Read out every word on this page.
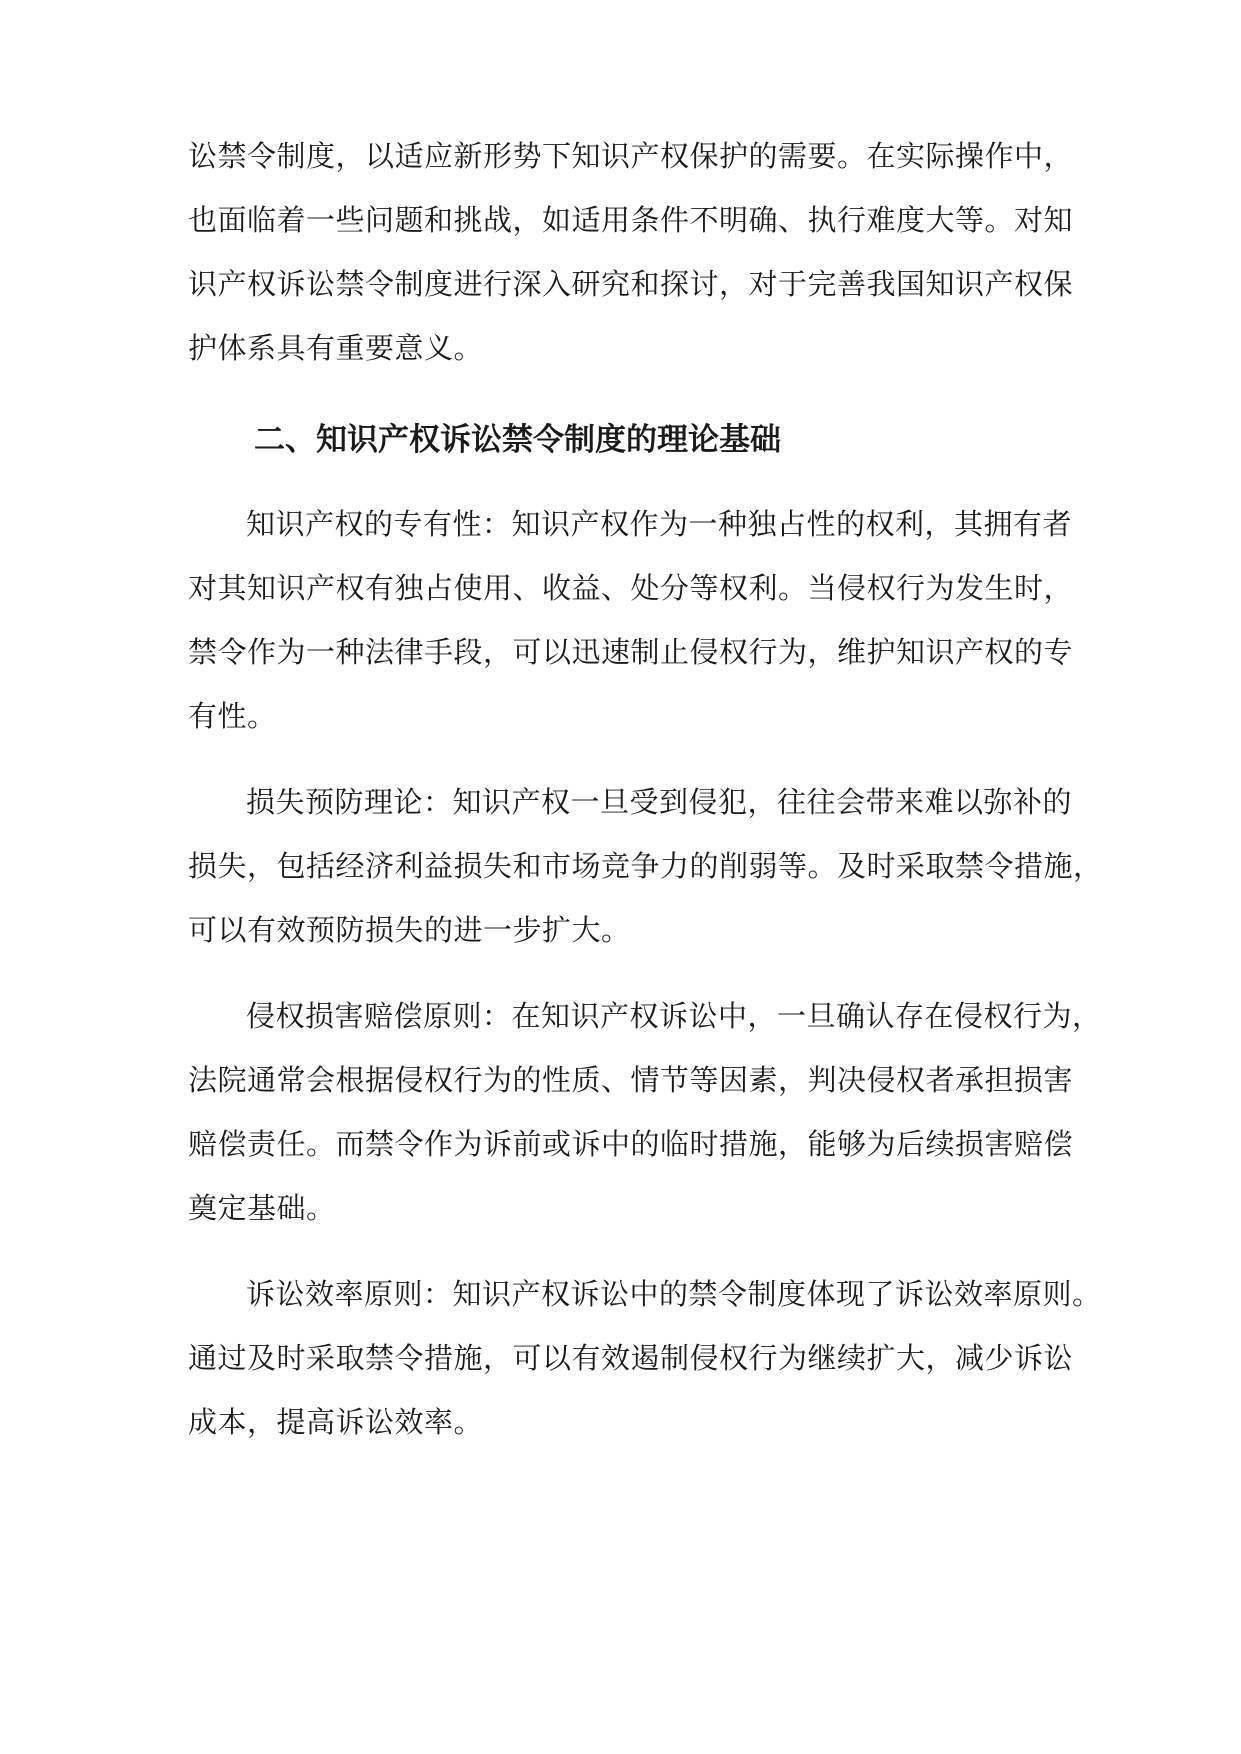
讼禁令制度，以适应新形势下知识产权保护的需要。在实际操作中，
也面临着一些问题和挑战，如适用条件不明确、执行难度大等。对知
识产权诉讼禁令制度进行深入研究和探讨，对于完善我国知识产权保
护体系具有重要意义。
二、知识产权诉讼禁令制度的理论基础
知识产权的专有性：知识产权作为一种独占性的权利，其拥有者
对其知识产权有独占使用、收益、处分等权利。当侵权行为发生时，
禁令作为一种法律手段，可以迅速制止侵权行为，维护知识产权的专
有性。
损失预防理论：知识产权一旦受到侵犯，往往会带来难以弥补的
损失，包括经济利益损失和市场竞争力的削弱等。及时采取禁令措施，
可以有效预防损失的进一步扩大。
侵权损害赔偿原则：在知识产权诉讼中，一旦确认存在侵权行为，
法院通常会根据侵权行为的性质、情节等因素，判决侵权者承担损害
赔偿责任。而禁令作为诉前或诉中的临时措施，能够为后续损害赔偿
奠定基础。
诉讼效率原则：知识产权诉讼中的禁令制度体现了诉讼效率原则。
通过及时采取禁令措施，可以有效遏制侵权行为继续扩大，减少诉讼
成本，提高诉讼效率。
